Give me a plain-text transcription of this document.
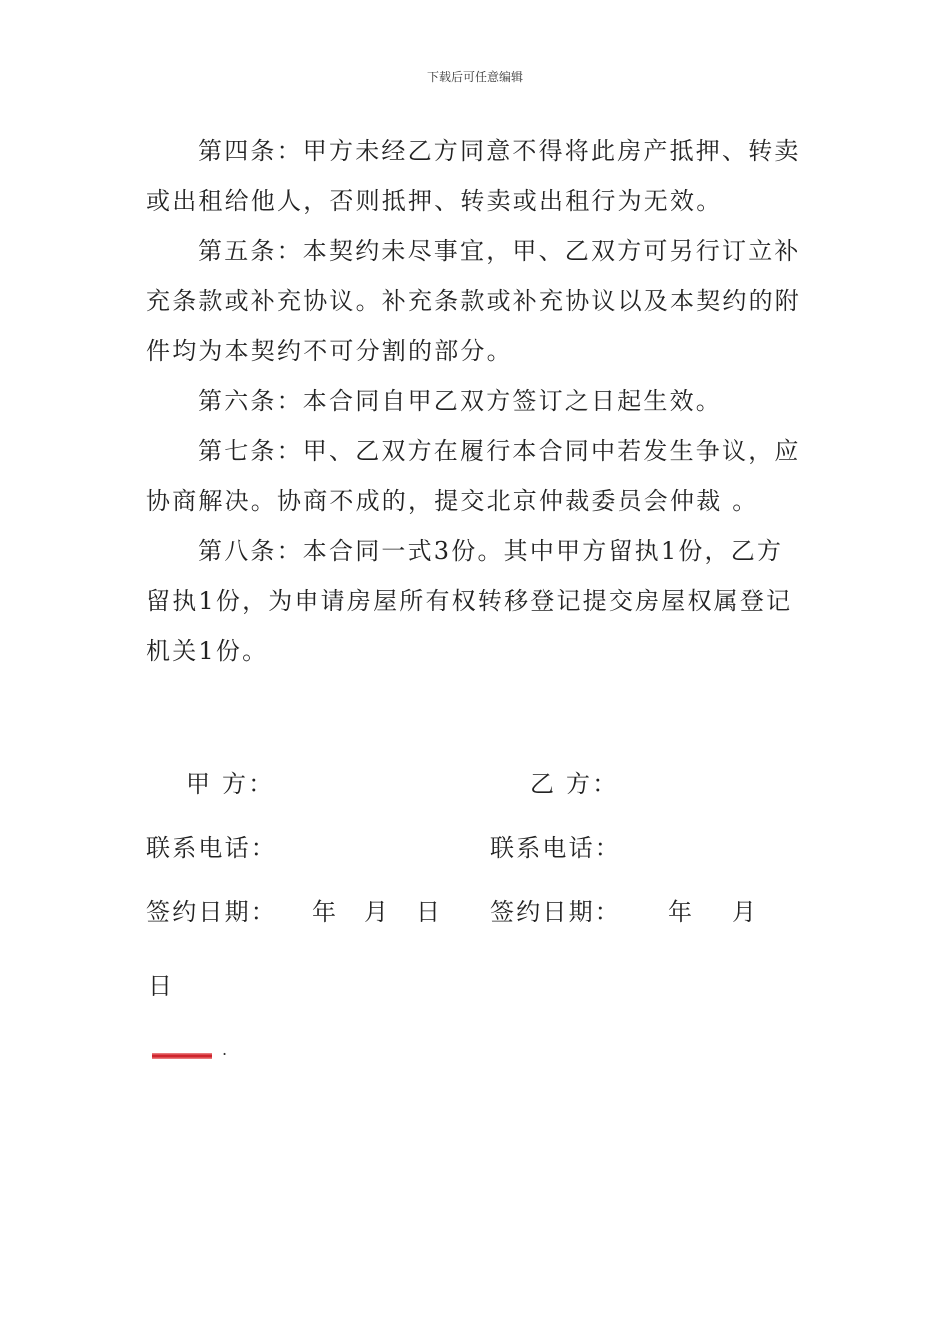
下载后可任意编辑

第四条：甲方未经乙方同意不得将此房产抵押、转卖或出租给他人，否则抵押、转卖或出租行为无效。

第五条：本契约未尽事宜，甲、乙双方可另行订立补充条款或补充协议。补充条款或补充协议以及本契约的附件均为本契约不可分割的部分。

第六条：本合同自甲乙双方签订之日起生效。

第七条：甲、乙双方在履行本合同中若发生争议，应协商解决。协商不成的，提交北京仲裁委员会仲裁 。

第八条：本合同一式3份。其中甲方留执1份，乙方留执1份，为申请房屋所有权转移登记提交房屋权属登记机关1份。

甲 方：	乙 方：
联系电话：	联系电话：
签约日期： 年 月 日 签约日期： 年 月
日
.
